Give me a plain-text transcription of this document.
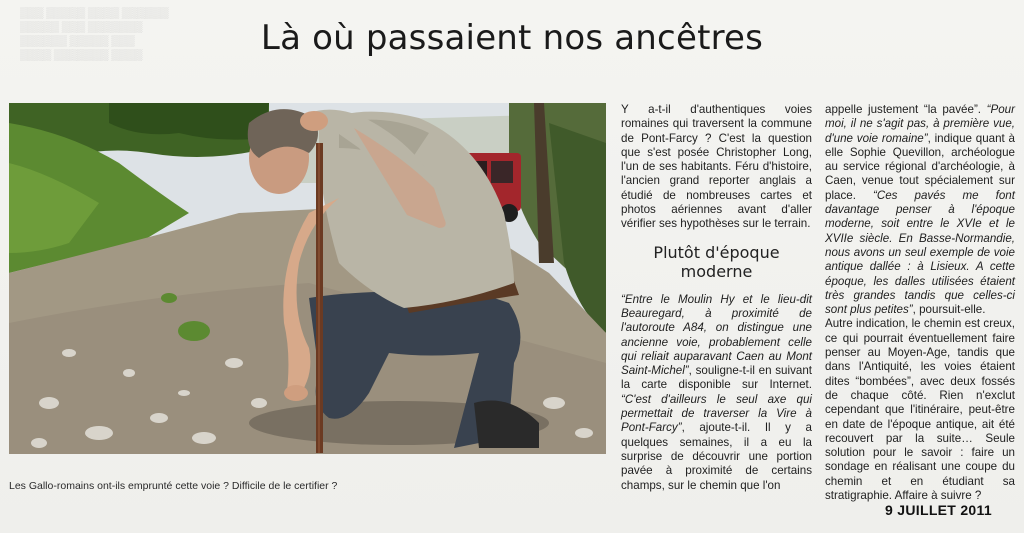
▒▒▒ ▒▒▒▒▒ ▒▒▒▒ ▒▒▒▒▒▒
▒▒▒▒▒ ▒▒▒ ▒▒▒▒▒▒▒
▒▒▒▒▒▒ ▒▒▒▒▒ ▒▒▒
▒▒▒▒ ▒▒▒▒▒▒▒ ▒▒▒▒	Là où passaient nos ancêtres
Les Gallo-romains ont-ils emprunté cette voie ? Difficile de le certifier ?

Y a-t-il d'authentiques voies romaines qui traversent la commune de Pont-Farcy ? C'est la question que s'est posée Christopher Long, l'un de ses habitants. Féru d'histoire, l'ancien grand reporter anglais a étudié de nombreuses cartes et photos aériennes avant d'aller vérifier ses hypothèses sur le terrain.

Plutôt d'époque moderne

“Entre le Moulin Hy et le lieu-dit Beauregard, à proximité de l'autoroute A84, on distingue une ancienne voie, probablement celle qui reliait auparavant Caen au Mont Saint-Michel”, souligne-t-il en suivant la carte disponible sur Internet. “C'est d'ailleurs le seul axe qui permettait de traverser la Vire à Pont-Farcy”, ajoute-t-il. Il y a quelques semaines, il a eu la surprise de découvrir une portion pavée à proximité de certains champs, sur le chemin que l'on

appelle justement “la pavée”. “Pour moi, il ne s'agit pas, à première vue, d'une voie romaine”, indique quant à elle Sophie Quevillon, archéologue au service régional d'archéologie, à Caen, venue tout spécialement sur place. “Ces pavés me font davantage penser à l'époque moderne, soit entre le XVIe et le XVIIe siècle. En Basse-Normandie, nous avons un seul exemple de voie antique dallée : à Lisieux. A cette époque, les dalles utilisées étaient très grandes tandis que celles-ci sont plus petites”, poursuit-elle.

Autre indication, le chemin est creux, ce qui pourrait éventuellement faire penser au Moyen-Age, tandis que dans l'Antiquité, les voies étaient dites “bombées”, avec deux fossés de chaque côté. Rien n'exclut cependant que l'itinéraire, peut-être en date de l'époque antique, ait été recouvert par la suite… Seule solution pour le savoir : faire un sondage en réalisant une coupe du chemin et en étudiant sa stratigraphie. Affaire à suivre ?

9 JUILLET 2011
